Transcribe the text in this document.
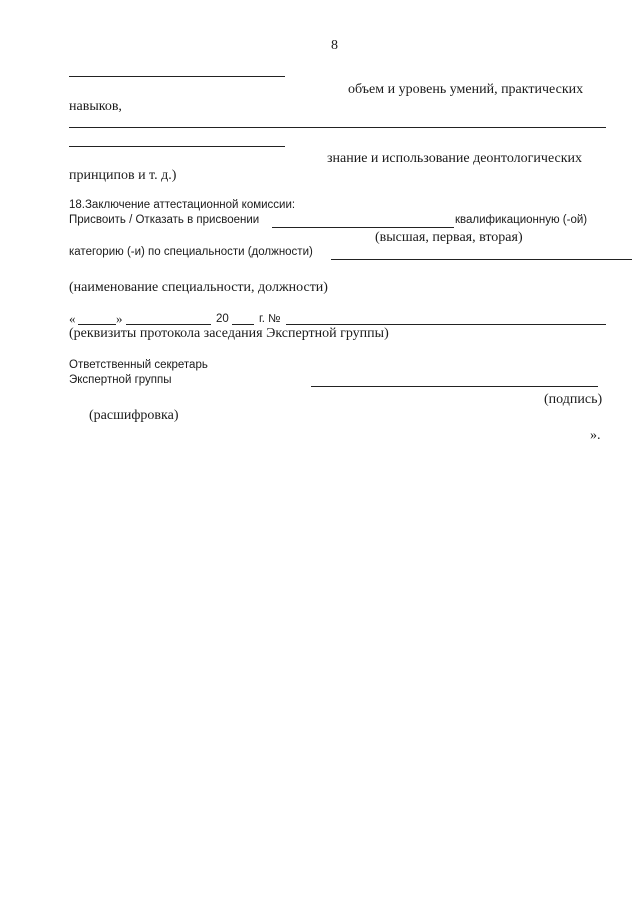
8
объем и уровень умений, практических
навыков,
знание и использование деонтологических
принципов и т. д.)
18.Заключение аттестационной комиссии:
Присвоить / Отказать в присвоении	квалификационную (-ой)
(высшая, первая, вторая)
категорию (-и) по специальности (должности)
(наименование специальности, должности)
«	»	20	г. №
(реквизиты протокола заседания Экспертной группы)
Ответственный секретарь
Экспертной группы
(подпись)
(расшифровка)
».
